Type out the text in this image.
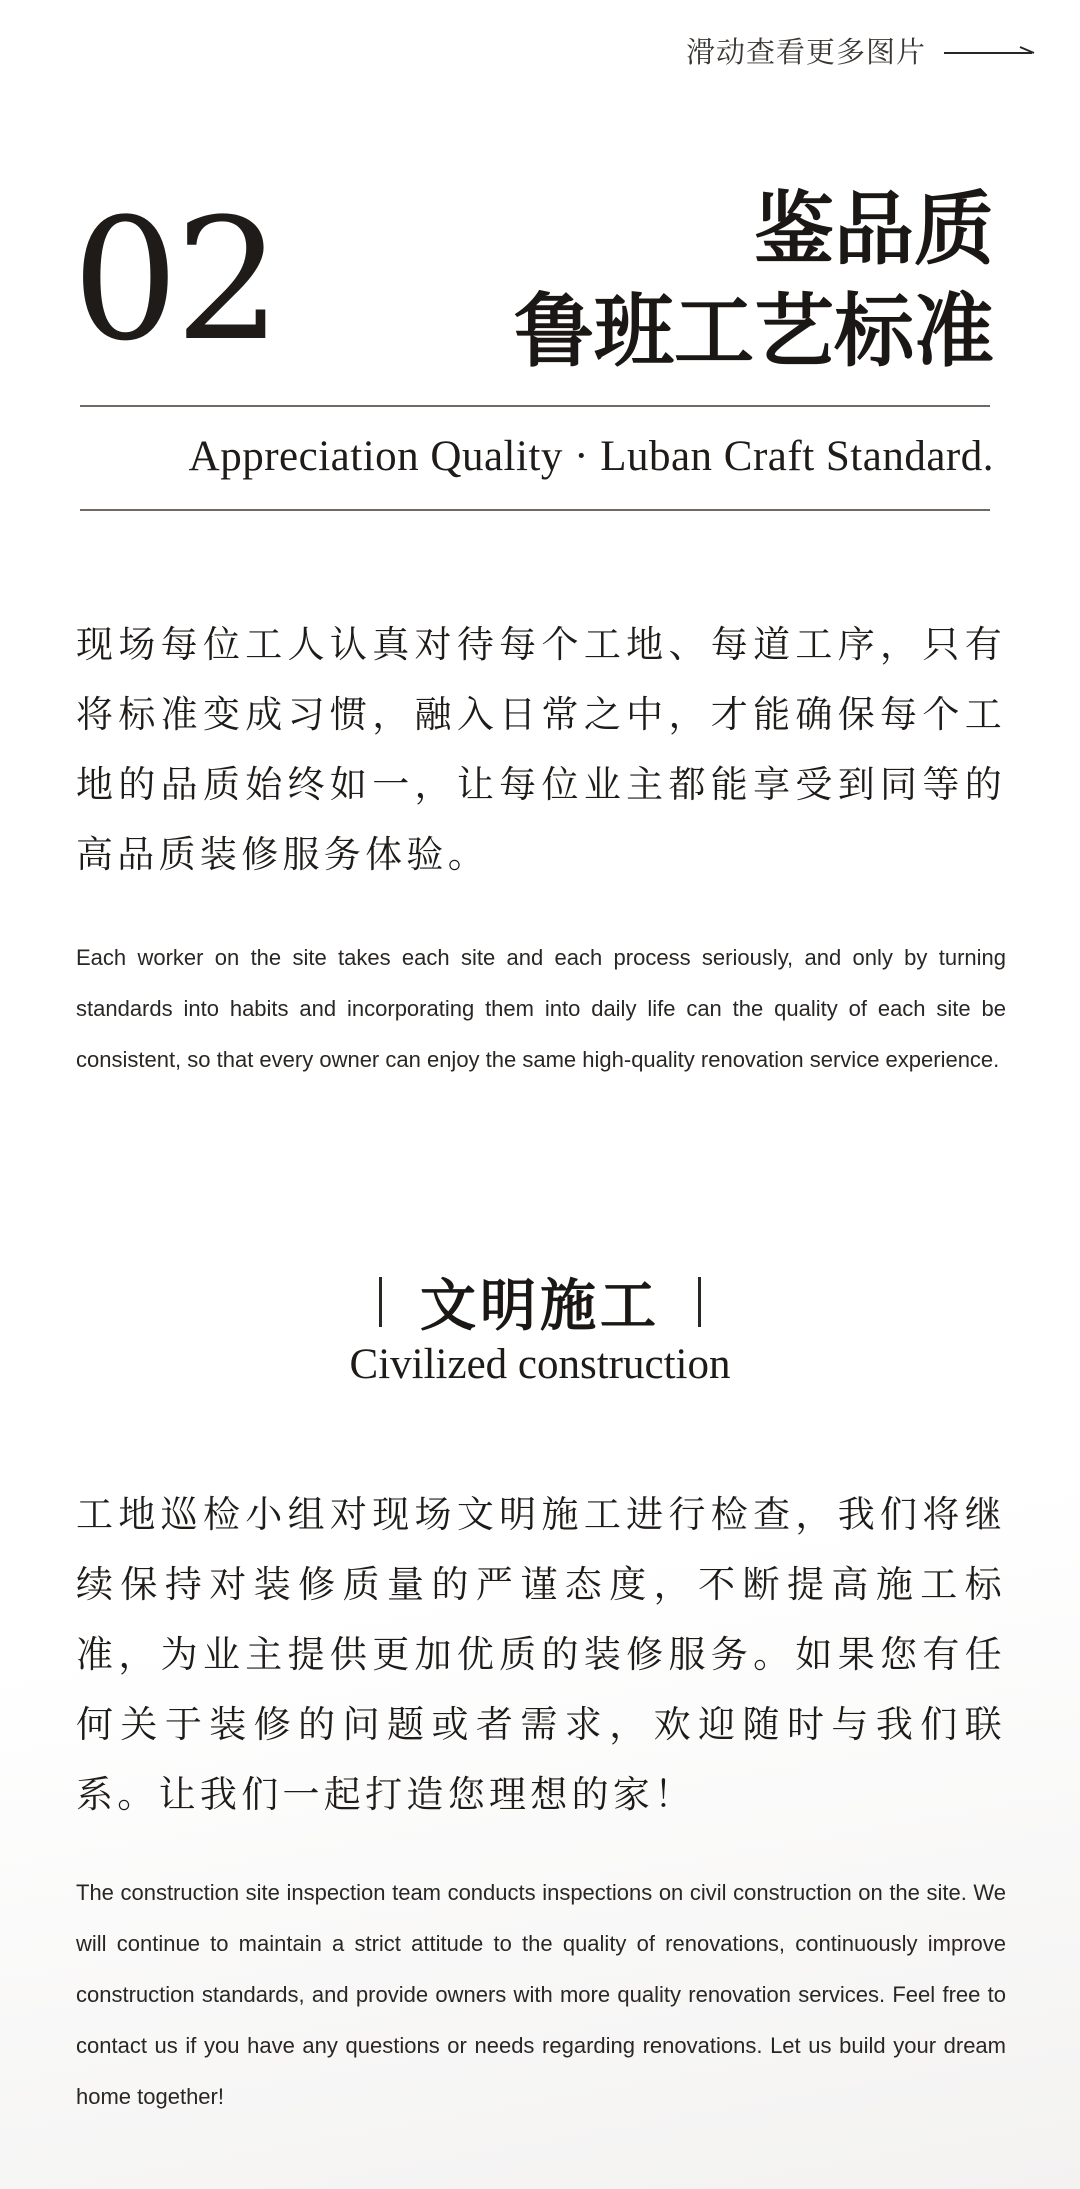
滑动查看更多图片
02	鉴品质
鲁班工艺标准
Appreciation Quality · Luban Craft Standard.
现场每位工人认真对待每个工地、每道工序，只有将标准变成习惯，融入日常之中，才能确保每个工地的品质始终如一，让每位业主都能享受到同等的高品质装修服务体验。
Each worker on the site takes each site and each process seriously, and only by turning standards into habits and incorporating them into daily life can the quality of each site be consistent, so that every owner can enjoy the same high-quality renovation service experience.
文明施工
Civilized construction
工地巡检小组对现场文明施工进行检查，我们将继续保持对装修质量的严谨态度，不断提高施工标准，为业主提供更加优质的装修服务。如果您有任何关于装修的问题或者需求，欢迎随时与我们联系。让我们一起打造您理想的家！
The construction site inspection team conducts inspections on civil construction on the site. We will continue to maintain a strict attitude to the quality of renovations, continuously improve construction standards, and provide owners with more quality renovation services. Feel free to contact us if you have any questions or needs regarding renovations. Let us build your dream home together!
